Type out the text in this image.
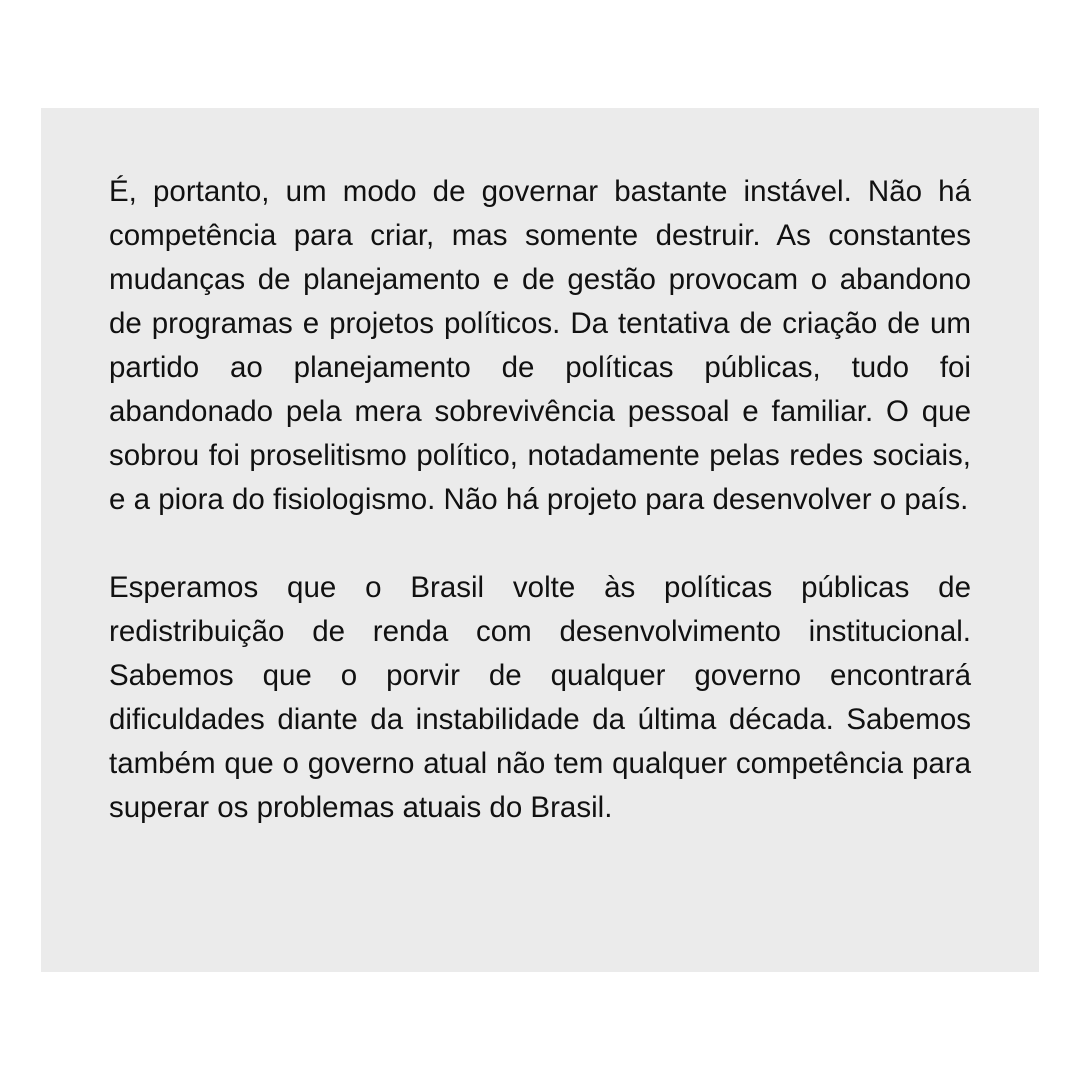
É, portanto, um modo de governar bastante instável. Não há competência para criar, mas somente destruir. As constantes mudanças de planejamento e de gestão provocam o abandono de programas e projetos políticos. Da tentativa de criação de um partido ao planejamento de políticas públicas, tudo foi abandonado pela mera sobrevivência pessoal e familiar. O que sobrou foi proselitismo político, notadamente pelas redes sociais, e a piora do fisiologismo. Não há projeto para desenvolver o país.

Esperamos que o Brasil volte às políticas públicas de redistribuição de renda com desenvolvimento institucional. Sabemos que o porvir de qualquer governo encontrará dificuldades diante da instabilidade da última década. Sabemos também que o governo atual não tem qualquer competência para superar os problemas atuais do Brasil.
